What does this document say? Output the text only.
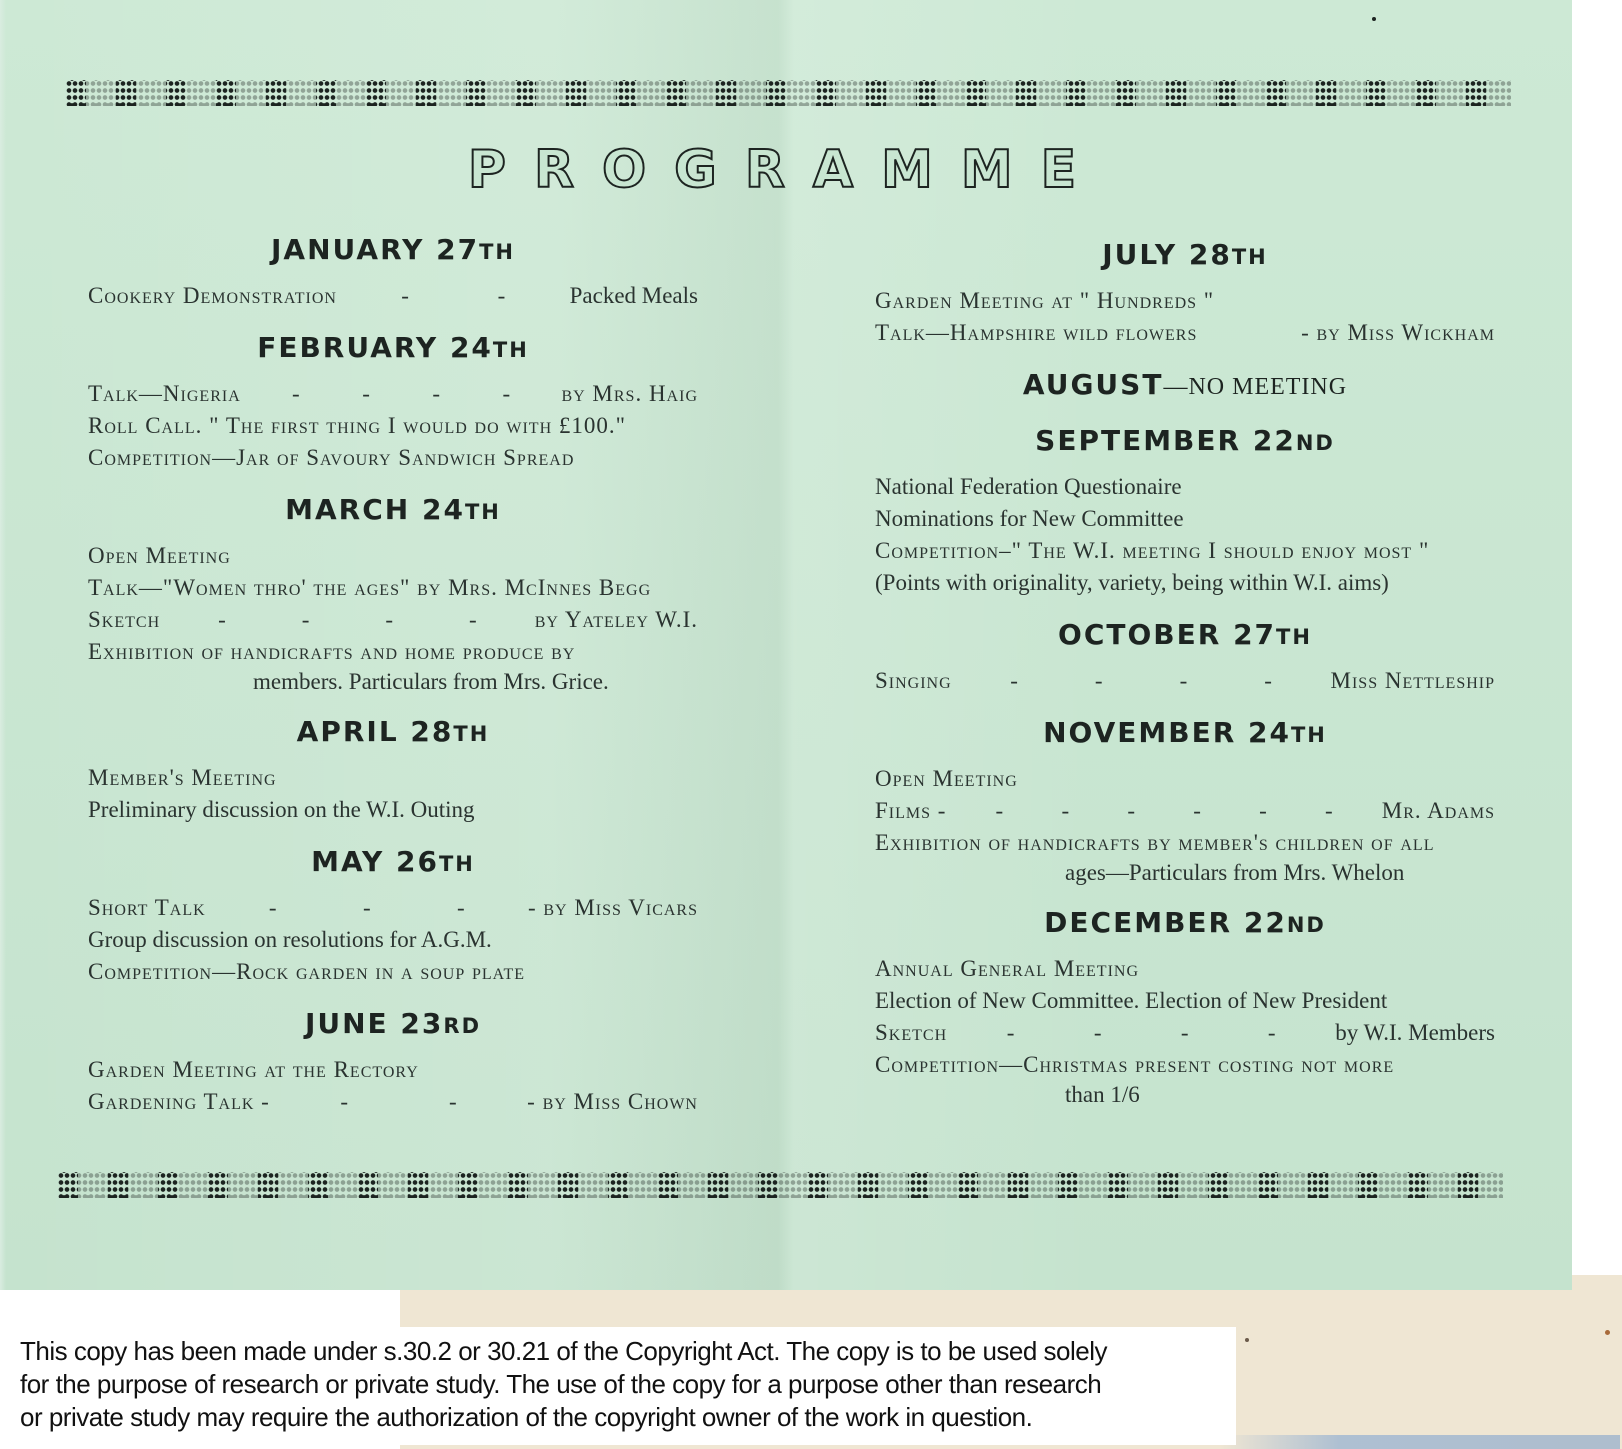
PROGRAMME
JANUARY 27TH

Cookery Demonstration	-	-	Packed Meals

FEBRUARY 24TH

Talk—Nigeria -	-	-	- by Mrs. Haig

Roll Call. " The first thing I would do with £100."

Competition—Jar of Savoury Sandwich Spread

MARCH 24TH

Open Meeting

Talk—"Women thro' the ages" by Mrs. McInnes Begg

Sketch	-	-	-	-	by Yateley W.I.

Exhibition of handicrafts and home produce by

members. Particulars from Mrs. Grice.
APRIL 28TH

Member's Meeting

Preliminary discussion on the W.I. Outing

MAY 26TH

Short Talk	-	-	-	- by Miss Vicars

Group discussion on resolutions for A.G.M.

Competition—Rock garden in a soup plate

JUNE 23RD

Garden Meeting at the Rectory

Gardening Talk -	-	-	- by Miss Chown

JULY 28TH

Garden Meeting at " Hundreds "

Talk—Hampshire wild flowers	- by Miss Wickham

AUGUST—NO MEETING
SEPTEMBER 22ND

National Federation Questionaire

Nominations for New Committee

Competition–" The W.I. meeting I should enjoy most "

(Points with originality, variety, being within W.I. aims)

OCTOBER 27TH

Singing	-	-	-	-	Miss Nettleship

NOVEMBER 24TH

Open Meeting

Films - -	-	-	-	-	- Mr. Adams

Exhibition of handicrafts by member's children of all

ages—Particulars from Mrs. Whelon
DECEMBER 22ND

Annual General Meeting

Election of New Committee. Election of New President

Sketch	-	-	-	-	by W.I. Members

Competition—Christmas present costing not more

than 1/6
This copy has been made under s.30.2 or 30.21 of the Copyright Act. The copy is to be used solely
for the purpose of research or private study. The use of the copy for a purpose other than research
or private study may require the authorization of the copyright owner of the work in question.
